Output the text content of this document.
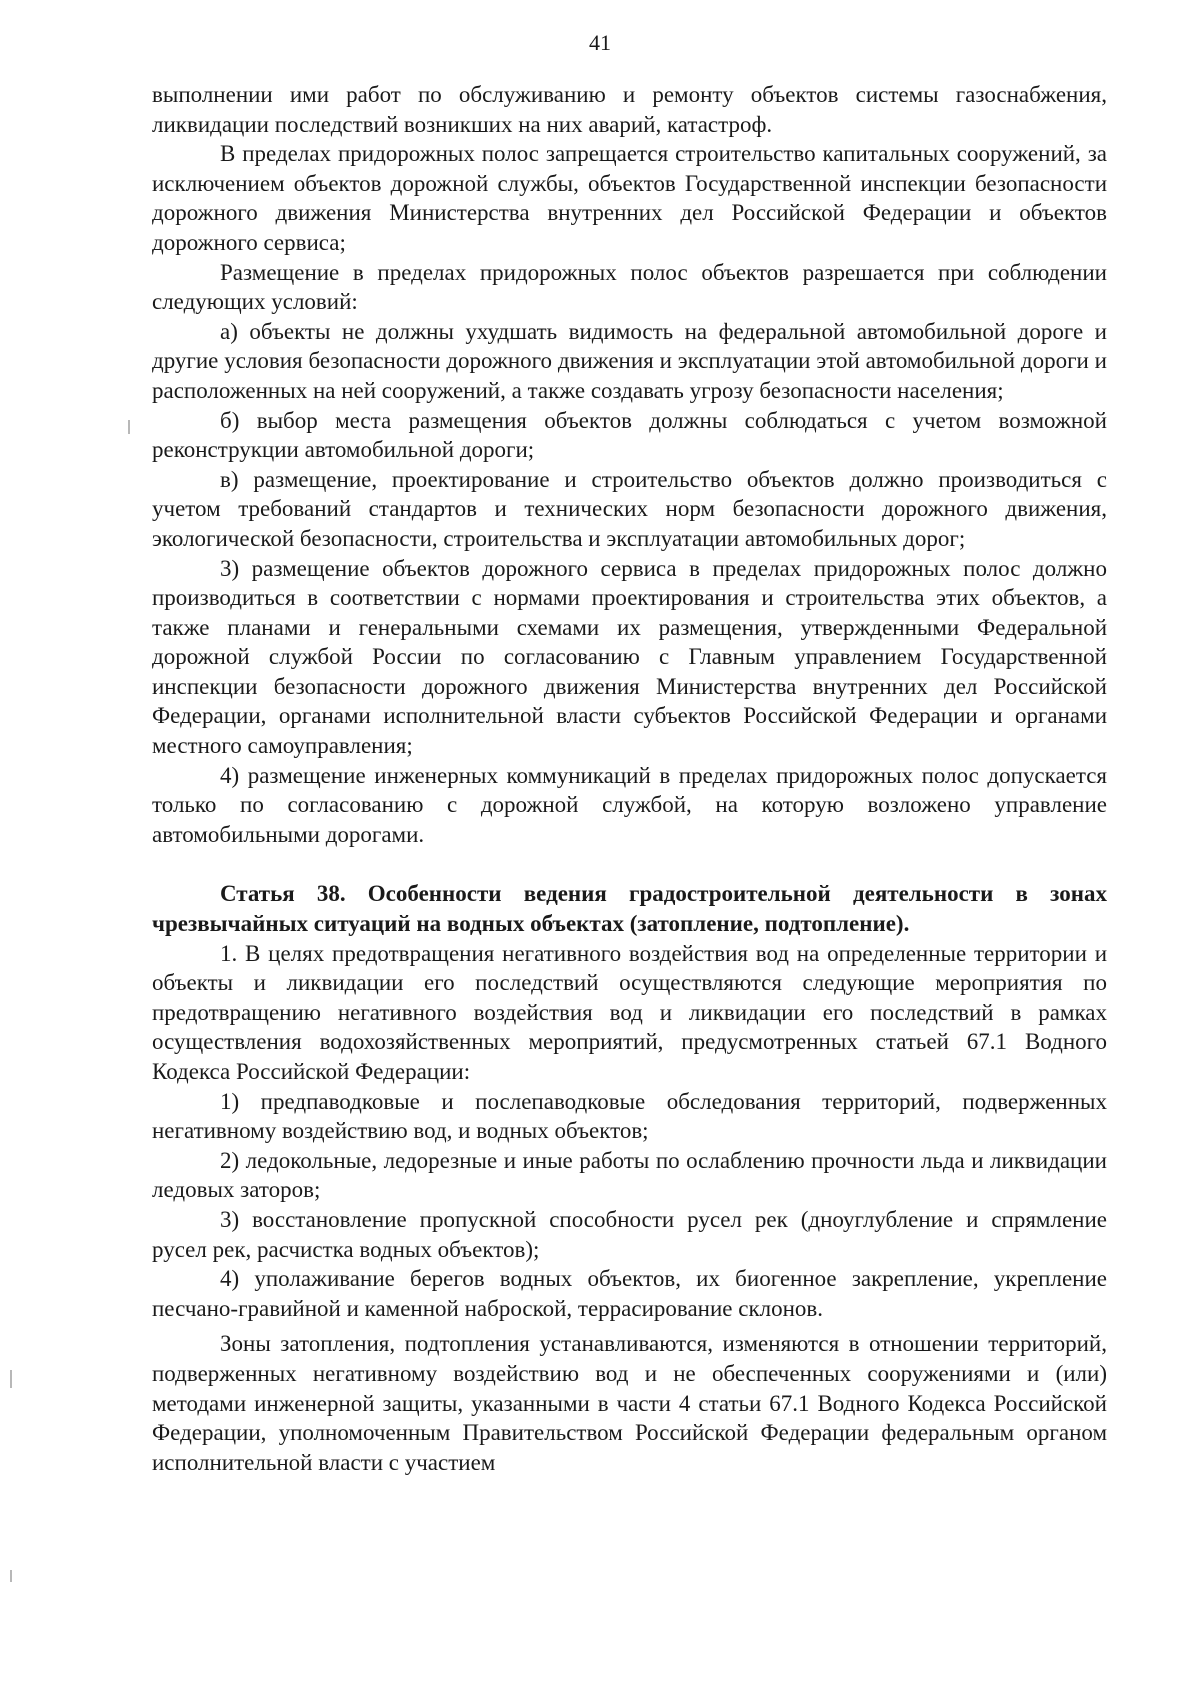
41

выполнении ими работ по обслуживанию и ремонту объектов системы газоснабжения, ликвидации последствий возникших на них аварий, катастроф.

В пределах придорожных полос запрещается строительство капитальных сооружений, за исключением объектов дорожной службы, объектов Государственной инспекции безопасности дорожного движения Министерства внутренних дел Российской Федерации и объектов дорожного сервиса;

Размещение в пределах придорожных полос объектов разрешается при соблюдении следующих условий:

а) объекты не должны ухудшать видимость на федеральной автомобильной дороге и другие условия безопасности дорожного движения и эксплуатации этой автомобильной дороги и расположенных на ней сооружений, а также создавать угрозу безопасности населения;

б) выбор места размещения объектов должны соблюдаться с учетом возможной реконструкции автомобильной дороги;

в) размещение, проектирование и строительство объектов должно производиться с учетом требований стандартов и технических норм безопасности дорожного движения, экологической безопасности, строительства и эксплуатации автомобильных дорог;

3) размещение объектов дорожного сервиса в пределах придорожных полос должно производиться в соответствии с нормами проектирования и строительства этих объектов, а также планами и генеральными схемами их размещения, утвержденными Федеральной дорожной службой России по согласованию с Главным управлением Государственной инспекции безопасности дорожного движения Министерства внутренних дел Российской Федерации, органами исполнительной власти субъектов Российской Федерации и органами местного самоуправления;

4) размещение инженерных коммуникаций в пределах придорожных полос допускается только по согласованию с дорожной службой, на которую возложено управление автомобильными дорогами.

Статья 38. Особенности ведения градостроительной деятельности в зонах чрезвычайных ситуаций на водных объектах (затопление, подтопление).

1. В целях предотвращения негативного воздействия вод на определенные территории и объекты и ликвидации его последствий осуществляются следующие мероприятия по предотвращению негативного воздействия вод и ликвидации его последствий в рамках осуществления водохозяйственных мероприятий, предусмотренных статьей 67.1 Водного Кодекса Российской Федерации:

1) предпаводковые и послепаводковые обследования территорий, подверженных негативному воздействию вод, и водных объектов;

2) ледокольные, ледорезные и иные работы по ослаблению прочности льда и ликвидации ледовых заторов;

3) восстановление пропускной способности русел рек (дноуглубление и спрямление русел рек, расчистка водных объектов);

4) уполаживание берегов водных объектов, их биогенное закрепление, укрепление песчано-гравийной и каменной наброской, террасирование склонов.

Зоны затопления, подтопления устанавливаются, изменяются в отношении территорий, подверженных негативному воздействию вод и не обеспеченных сооружениями и (или) методами инженерной защиты, указанными в части 4 статьи 67.1 Водного Кодекса Российской Федерации, уполномоченным Правительством Российской Федерации федеральным органом исполнительной власти с участием
